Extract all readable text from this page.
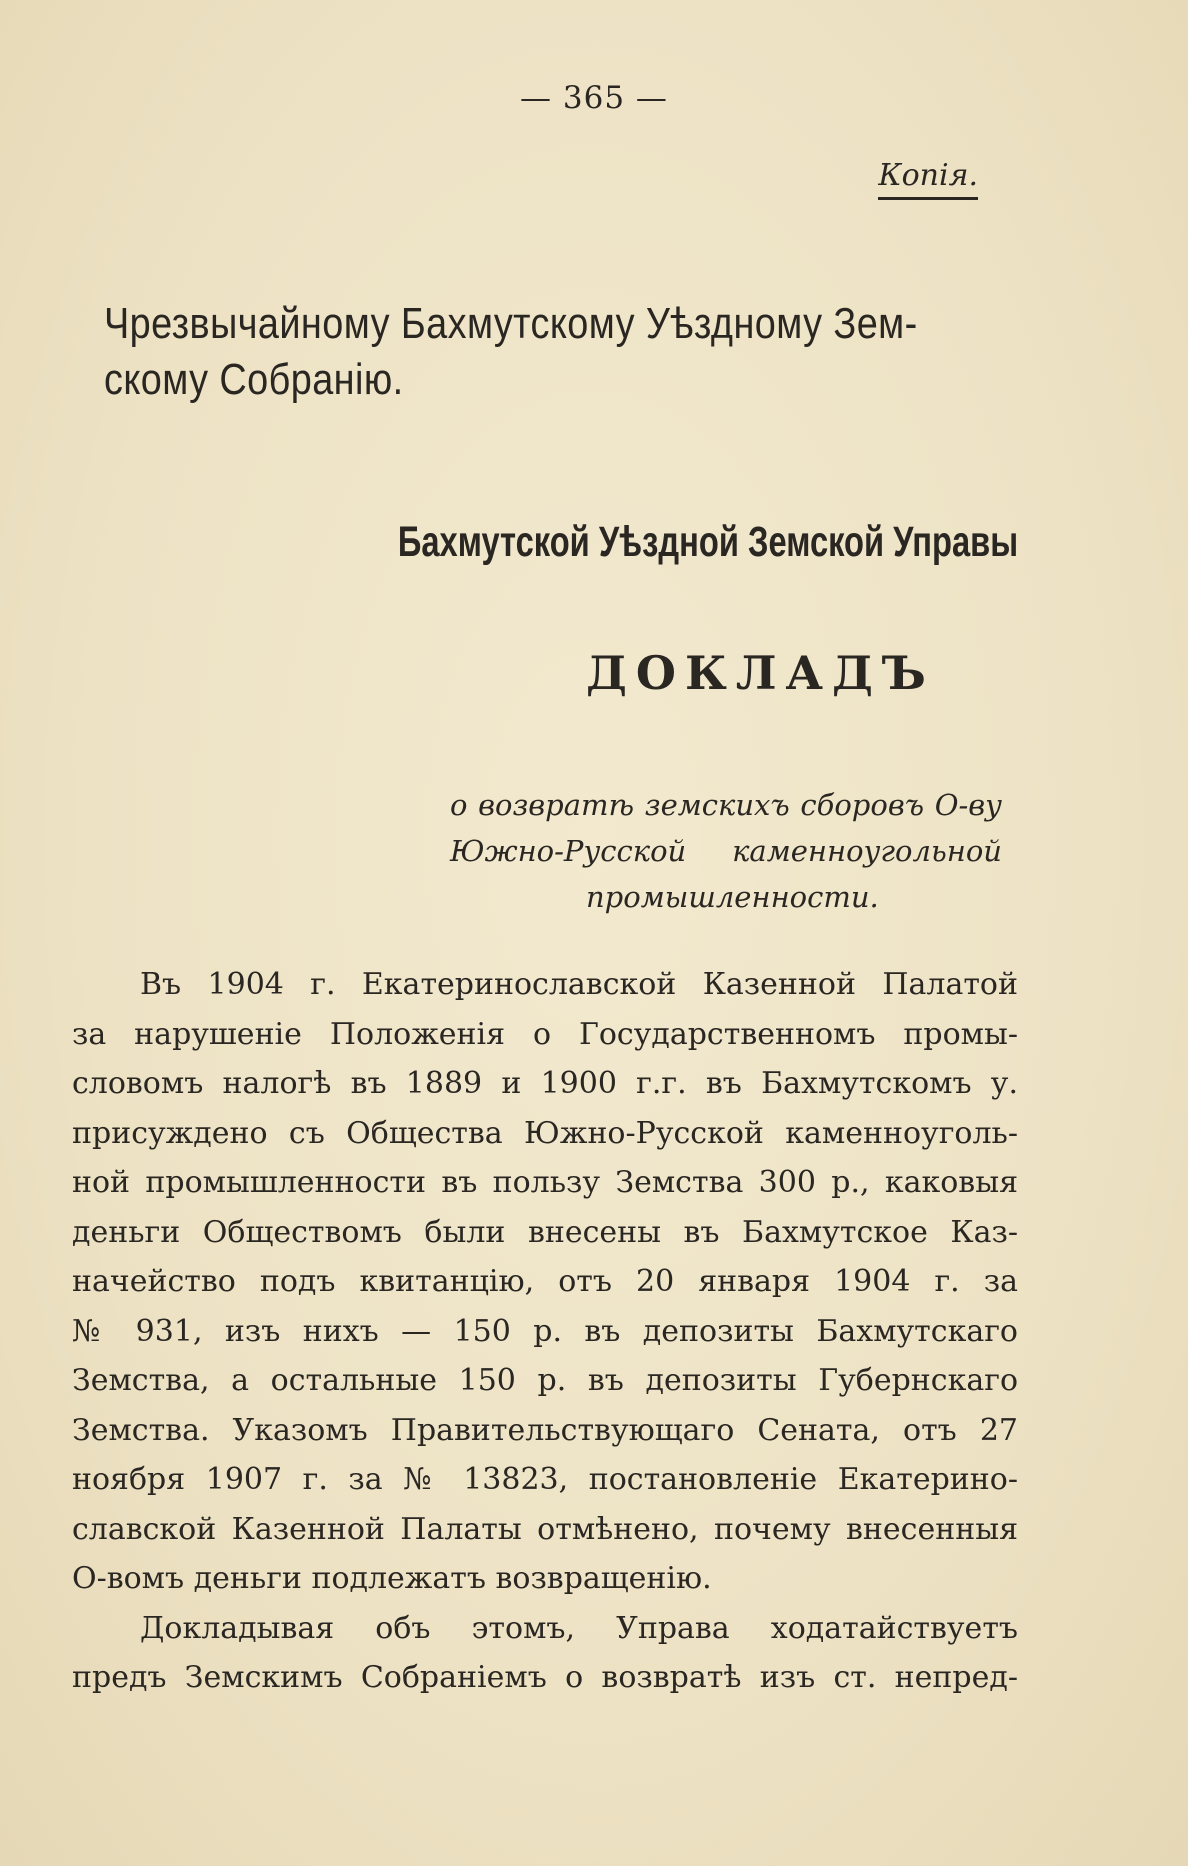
— 365 —
Копія.
Чрезвычайному Бахмутскому Уѣздному Зем-
скому Собранію.
Бахмутской Уѣздной Земской Управы
ДОКЛАДЪ
о возвратѣ земскихъ сборовъ О-ву
Южно-Русской каменноугольной
промышленности.
Въ 1904 г. Екатеринославской Казенной Палатой
за нарушеніе Положенія о Государственномъ промы-
словомъ налогѣ въ 1889 и 1900 г.г. въ Бахмутскомъ у.
присуждено съ Общества Южно-Русской каменноуголь-
ной промышленности въ пользу Земства 300 р., каковыя
деньги Обществомъ были внесены въ Бахмутское Каз-
начейство подъ квитанцію, отъ 20 января 1904 г. за
№ 931, изъ нихъ — 150 р. въ депозиты Бахмутскаго
Земства, а остальные 150 р. въ депозиты Губернскаго
Земства. Указомъ Правительствующаго Сената, отъ 27
ноября 1907 г. за № 13823, постановленіе Екатерино-
славской Казенной Палаты отмѣнено, почему внесенныя
О-вомъ деньги подлежатъ возвращенію.
Докладывая объ этомъ, Управа ходатайствуетъ
предъ Земскимъ Собраніемъ о возвратѣ изъ ст. непред-
